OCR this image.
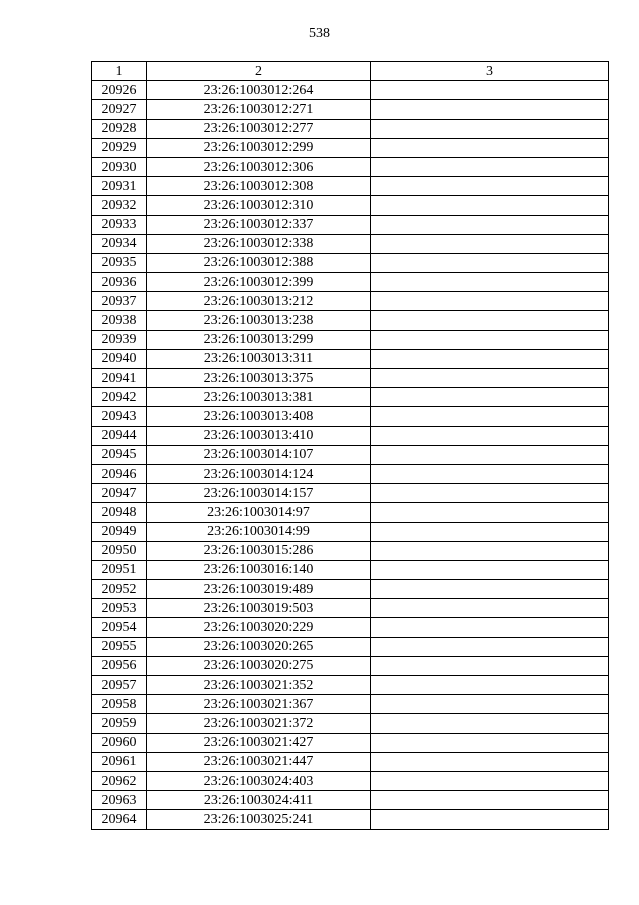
538
1	2	3
20926	23:26:1003012:264	
20927	23:26:1003012:271	
20928	23:26:1003012:277	
20929	23:26:1003012:299	
20930	23:26:1003012:306	
20931	23:26:1003012:308	
20932	23:26:1003012:310	
20933	23:26:1003012:337	
20934	23:26:1003012:338	
20935	23:26:1003012:388	
20936	23:26:1003012:399	
20937	23:26:1003013:212	
20938	23:26:1003013:238	
20939	23:26:1003013:299	
20940	23:26:1003013:311	
20941	23:26:1003013:375	
20942	23:26:1003013:381	
20943	23:26:1003013:408	
20944	23:26:1003013:410	
20945	23:26:1003014:107	
20946	23:26:1003014:124	
20947	23:26:1003014:157	
20948	23:26:1003014:97	
20949	23:26:1003014:99	
20950	23:26:1003015:286	
20951	23:26:1003016:140	
20952	23:26:1003019:489	
20953	23:26:1003019:503	
20954	23:26:1003020:229	
20955	23:26:1003020:265	
20956	23:26:1003020:275	
20957	23:26:1003021:352	
20958	23:26:1003021:367	
20959	23:26:1003021:372	
20960	23:26:1003021:427	
20961	23:26:1003021:447	
20962	23:26:1003024:403	
20963	23:26:1003024:411	
20964	23:26:1003025:241	
